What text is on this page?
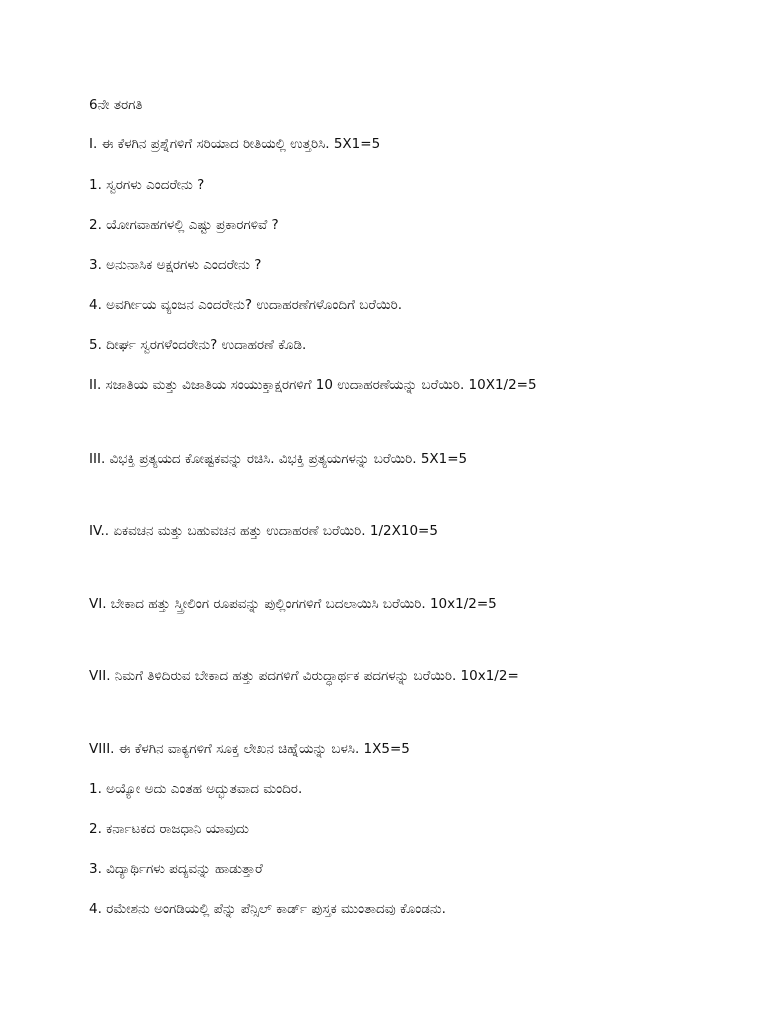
6ನೇ ತರಗತಿ
I. ಈ ಕೆಳಗಿನ ಪ್ರಶ್ನೆಗಳಿಗೆ ಸರಿಯಾದ ರೀತಿಯಲ್ಲಿ ಉತ್ತರಿಸಿ. 5X1=5
1. ಸ್ವರಗಳು ಎಂದರೇನು ?
2. ಯೋಗವಾಹಗಳಲ್ಲಿ ಎಷ್ಟು ಪ್ರಕಾರಗಳಿವೆ ?
3. ಅನುನಾಸಿಕ ಅಕ್ಷರಗಳು ಎಂದರೇನು ?
4. ಅವರ್ಗೀಯ ವ್ಯಂಜನ ಎಂದರೇನು? ಉದಾಹರಣೆಗಳೊಂದಿಗೆ ಬರೆಯಿರಿ.
5. ದೀರ್ಘ ಸ್ವರಗಳೆಂದರೇನು? ಉದಾಹರಣೆ ಕೊಡಿ.
II. ಸಜಾತಿಯ ಮತ್ತು ವಿಜಾತಿಯ ಸಂಯುಕ್ತಾಕ್ಷರಗಳಿಗೆ 10 ಉದಾಹರಣೆಯನ್ನು ಬರೆಯಿರಿ. 10X1/2=5
III. ವಿಭಕ್ತಿ ಪ್ರತ್ಯಯದ ಕೋಷ್ಟಕವನ್ನು ರಚಿಸಿ. ವಿಭಕ್ತಿ ಪ್ರತ್ಯಯಗಳನ್ನು ಬರೆಯಿರಿ. 5X1=5
IV.. ಏಕವಚನ ಮತ್ತು ಬಹುವಚನ ಹತ್ತು ಉದಾಹರಣೆ ಬರೆಯಿರಿ. 1/2X10=5
VI. ಬೇಕಾದ ಹತ್ತು ಸ್ತ್ರೀಲಿಂಗ ರೂಪವನ್ನು ಪುಲ್ಲಿಂಗಗಳಿಗೆ ಬದಲಾಯಿಸಿ ಬರೆಯಿರಿ. 10x1/2=5
VII. ನಿಮಗೆ ತಿಳಿದಿರುವ ಬೇಕಾದ ಹತ್ತು ಪದಗಳಿಗೆ ವಿರುದ್ಧಾರ್ಥಕ ಪದಗಳನ್ನು ಬರೆಯಿರಿ. 10x1/2=
VIII. ಈ ಕೆಳಗಿನ ವಾಕ್ಯಗಳಿಗೆ ಸೂಕ್ತ ಲೇಖನ ಚಿಹ್ನೆಯನ್ನು ಬಳಸಿ. 1X5=5
1. ಅಯ್ಯೋ ಅದು ಎಂತಹ ಅದ್ಭುತವಾದ ಮಂದಿರ.
2. ಕರ್ನಾಟಕದ ರಾಜಧಾನಿ ಯಾವುದು
3. ವಿದ್ಯಾರ್ಥಿಗಳು ಪದ್ಯವನ್ನು ಹಾಡುತ್ತಾರೆ
4. ರಮೇಶನು ಅಂಗಡಿಯಲ್ಲಿ ಪೆನ್ನು ಪೆನ್ಸಿಲ್ ಕಾರ್ಡ್ ಪುಸ್ತಕ ಮುಂತಾದವು ಕೊಂಡನು.
